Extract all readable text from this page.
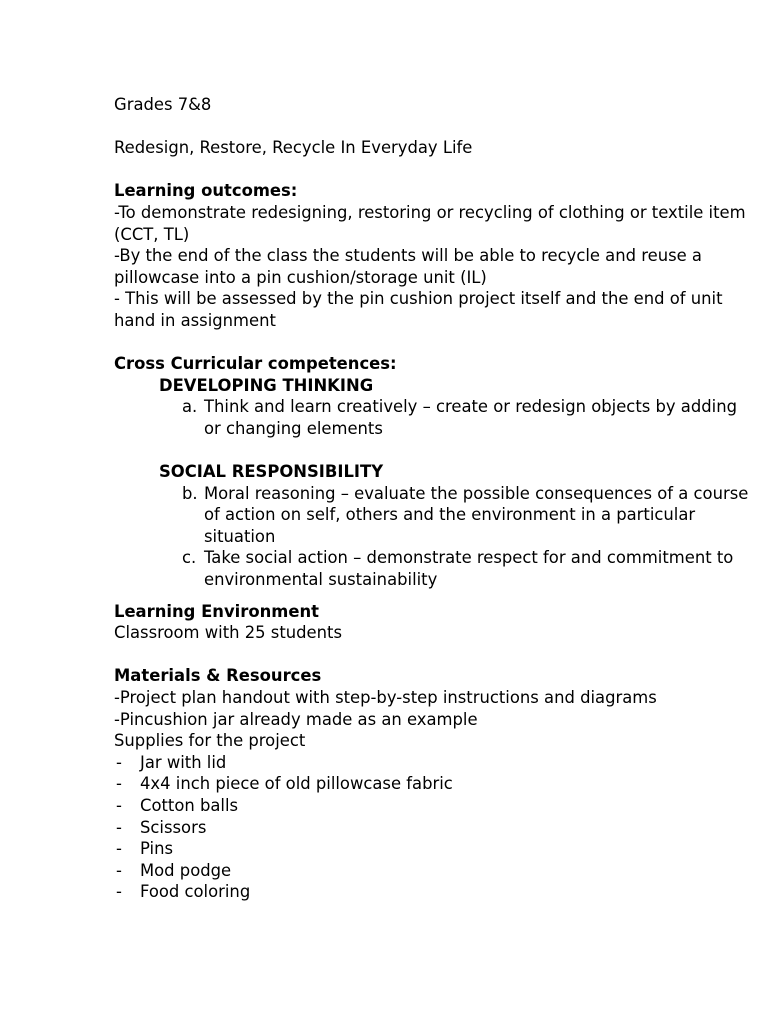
Grades 7&8

Redesign, Restore, Recycle In Everyday Life

Learning outcomes:

-To demonstrate redesigning, restoring or recycling of clothing or textile item (CCT, TL)

-By the end of the class the students will be able to recycle and reuse a pillowcase into a pin cushion/storage unit (IL)

- This will be assessed by the pin cushion project itself and the end of unit hand in assignment

Cross Curricular competences:

DEVELOPING THINKING

a. Think and learn creatively – create or redesign objects by adding or changing elements

SOCIAL RESPONSIBILITY

b. Moral reasoning – evaluate the possible consequences of a course of action on self, others and the environment in a particular situation
c. Take social action – demonstrate respect for and commitment to environmental sustainability

Learning Environment

Classroom with 25 students

Materials & Resources

-Project plan handout with step-by-step instructions and diagrams

-Pincushion jar already made as an example

Supplies for the project

-	Jar with lid
-	4x4 inch piece of old pillowcase fabric
-	Cotton balls
-	Scissors
-	Pins
-	Mod podge
-	Food coloring
